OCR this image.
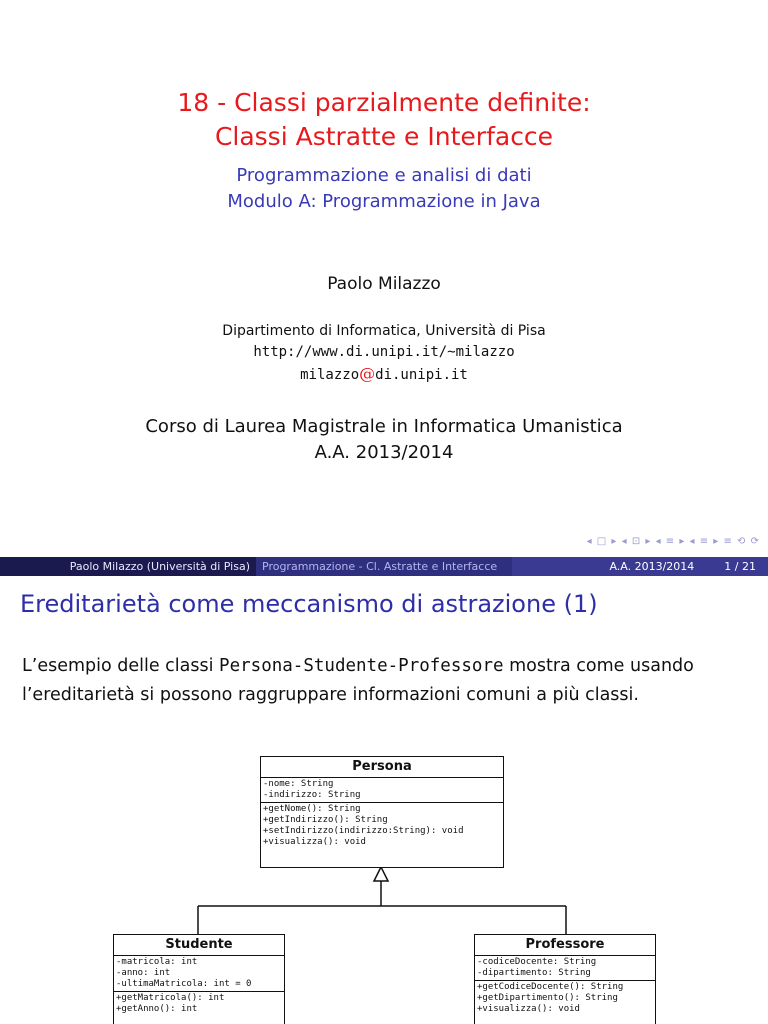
18 - Classi parzialmente definite:
Classi Astratte e Interfacce
Programmazione e analisi di dati
Modulo A: Programmazione in Java
Paolo Milazzo
Dipartimento di Informatica, Università di Pisa
http://www.di.unipi.it/∼milazzo
milazzo@di.unipi.it
Corso di Laurea Magistrale in Informatica Umanistica
A.A. 2013/2014
◂ □ ▸ ◂ ⊡ ▸ ◂ ≡ ▸ ◂ ≡ ▸ ≡ ⟲ ⟳
Paolo Milazzo (Università di Pisa)	Programmazione - Cl. Astratte e Interfacce	A.A. 2013/2014	1 / 21
Ereditarietà come meccanismo di astrazione (1)
L’esempio delle classi Persona-Studente-Professore mostra come usando l’ereditarietà si possono raggruppare informazioni comuni a più classi.
Persona
-nome: String
-indirizzo: String
+getNome(): String
+getIndirizzo(): String
+setIndirizzo(indirizzo:String): void
+visualizza(): void
Studente
-matricola: int
-anno: int
-ultimaMatricola: int = 0
+getMatricola(): int
+getAnno(): int
Professore
-codiceDocente: String
-dipartimento: String
+getCodiceDocente(): String
+getDipartimento(): String
+visualizza(): void
